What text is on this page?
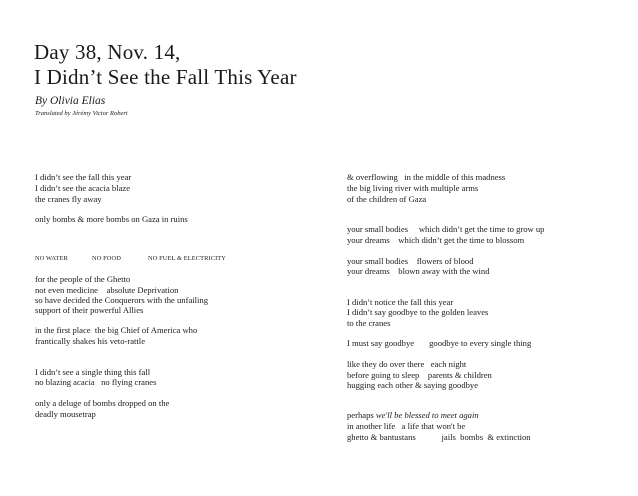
Day 38, Nov. 14,
I Didn’t See the Fall This Year
By Olivia Elias
Translated by Jérémy Victor Robert
I didn’t see the fall this year
I didn’t see the acacia blaze
the cranes fly away
only bombs & more bombs on Gaza in ruins
NO WATER	NO FOOD	NO FUEL & ELECTRICITY
for the people of the Ghetto
not even medicine    absolute Deprivation
so have decided the Conquerors with the unfailing
support of their powerful Allies
in the first place  the big Chief of America who
frantically shakes his veto-rattle
I didn’t see a single thing this fall
no blazing acacia   no flying cranes
only a deluge of bombs dropped on the
deadly mousetrap
& overflowing   in the middle of this madness
the big living river with multiple arms
of the children of Gaza
your small bodies     which didn’t get the time to grow up
your dreams    which didn’t get the time to blossom
your small bodies    flowers of blood
your dreams    blown away with the wind
I didn’t notice the fall this year
I didn’t say goodbye to the golden leaves
to the cranes
I must say goodbye       goodbye to every single thing
like they do over there   each night
before going to sleep    parents & children
hugging each other & saying goodbye
perhaps we'll be blessed to meet again
in another life   a life that won't be
ghetto & bantustans            jails  bombs  & extinction
